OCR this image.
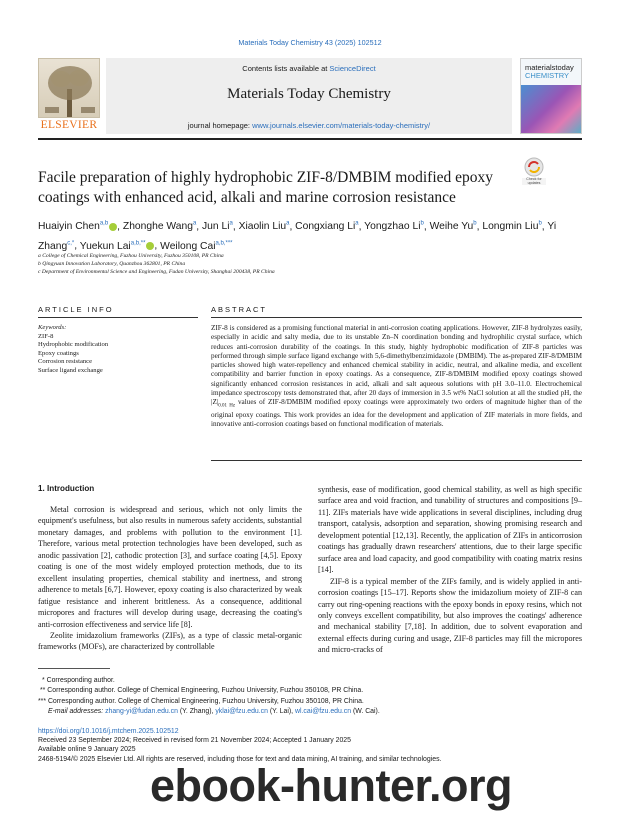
Materials Today Chemistry 43 (2025) 102512
ELSEVIER
Contents lists available at ScienceDirect
Materials Today Chemistry
journal homepage: www.journals.elsevier.com/materials-today-chemistry/
materialstoday
CHEMISTRY
Facile preparation of highly hydrophobic ZIF-8/DMBIM modified epoxy coatings with enhanced acid, alkali and marine corrosion resistance
Check for updates
Huaiyin Chen$^{a,b}$ , Zhonghe Wang$^a$, Jun Li$^a$, Xiaolin Liu$^a$, Congxiang Li$^a$, Yongzhao Li$^b$, Weihe Yu$^b$, Longmin Liu$^b$, Yi Zhang$^{c,*}$, Yuekun Lai$^{a,b,**}$ , Weilong Cai$^{a,b,***}$
a College of Chemical Engineering, Fuzhou University, Fuzhou 350108, PR China
b Qingyuan Innovation Laboratory, Quanzhou 362801, PR China
c Department of Environmental Science and Engineering, Fudan University, Shanghai 200438, PR China
ARTICLE INFO	ABSTRACT
Keywords:
ZIF-8
Hydrophobic modification
Epoxy coatings
Corrosion resistance
Surface ligand exchange
ZIF-8 is considered as a promising functional material in anti-corrosion coating applications. However, ZIF-8 hydrolyzes easily, especially in acidic and salty media, due to its unstable Zn–N coordination bonding and hydrophilic crystal surface, which reduces anti-corrosion durability of the coatings. In this study, highly hydrophobic modification of ZIF-8 particles was performed through simple surface ligand exchange with 5,6-dimethylbenzimidazole (DMBIM). The as-prepared ZIF-8/DMBIM particles showed high water-repellency and enhanced chemical stability in acidic, neutral, and alkaline media, and excellent compatibility and barrier function in epoxy coatings. As a consequence, ZIF-8/DMBIM modified epoxy coatings showed significantly enhanced corrosion resistances in acid, alkali and salt aqueous solutions with pH 3.0–11.0. Electrochemical impedance spectroscopy tests demonstrated that, after 20 days of immersion in 3.5 wt% NaCl solution at all the studied pH, the $|Z|_{0.01 Hz}$ values of ZIF-8/DMBIM modified epoxy coatings were approximately two orders of magnitude higher than of the original epoxy coatings. This work provides an idea for the development and application of ZIF materials in more fields, and innovative anti-corrosion coatings based on functional modification of materials.
1. Introduction

Metal corrosion is widespread and serious, which not only limits the equipment's usefulness, but also results in numerous safety accidents, substantial monetary damages, and problems with pollution to the environment [1]. Therefore, various metal protection technologies have been developed, such as anodic passivation [2], cathodic protection [3], and surface coating [4,5]. Epoxy coating is one of the most widely employed protection methods, due to its excellent insulating properties, chemical stability and inertness, and strong adherence to metals [6,7]. However, epoxy coating is also characterized by weak fatigue resistance and inherent brittleness. As a consequence, additional micropores and fractures will develop during usage, decreasing the coating's anti-corrosion effectiveness and service life [8].

Zeolite imidazolium frameworks (ZIFs), as a type of classic metal-organic frameworks (MOFs), are characterized by controllable

synthesis, ease of modification, good chemical stability, as well as high specific surface area and void fraction, and tunability of structures and compositions [9–11]. ZIFs materials have wide applications in several disciplines, including drug transport, catalysis, adsorption and separation, showing promising research and development potential [12,13]. Recently, the application of ZIFs in anticorrosion coatings has gradually drawn researchers' attentions, due to their large specific surface area and load capacity, and good compatibility with coating matrix resins [14].

ZIF-8 is a typical member of the ZIFs family, and is widely applied in anti-corrosion coatings [15–17]. Reports show the imidazolium moiety of ZIF-8 can carry out ring-opening reactions with the epoxy bonds in epoxy resins, which not only conveys excellent compatibility, but also improves the coatings' adherence and mechanical stability [7,18]. In addition, due to solvent evaporation and external effects during curing and usage, ZIF-8 particles may fill the micropores and micro-cracks of

* Corresponding author.
** Corresponding author. College of Chemical Engineering, Fuzhou University, Fuzhou 350108, PR China.
*** Corresponding author. College of Chemical Engineering, Fuzhou University, Fuzhou 350108, PR China.
E-mail addresses: zhang-yi@fudan.edu.cn (Y. Zhang), yklai@fzu.edu.cn (Y. Lai), wl.cai@fzu.edu.cn (W. Cai).
https://doi.org/10.1016/j.mtchem.2025.102512
Received 23 September 2024; Received in revised form 21 November 2024; Accepted 1 January 2025
Available online 9 January 2025
2468-5194/© 2025 Elsevier Ltd. All rights are reserved, including those for text and data mining, AI training, and similar technologies.
ebook-hunter.org
